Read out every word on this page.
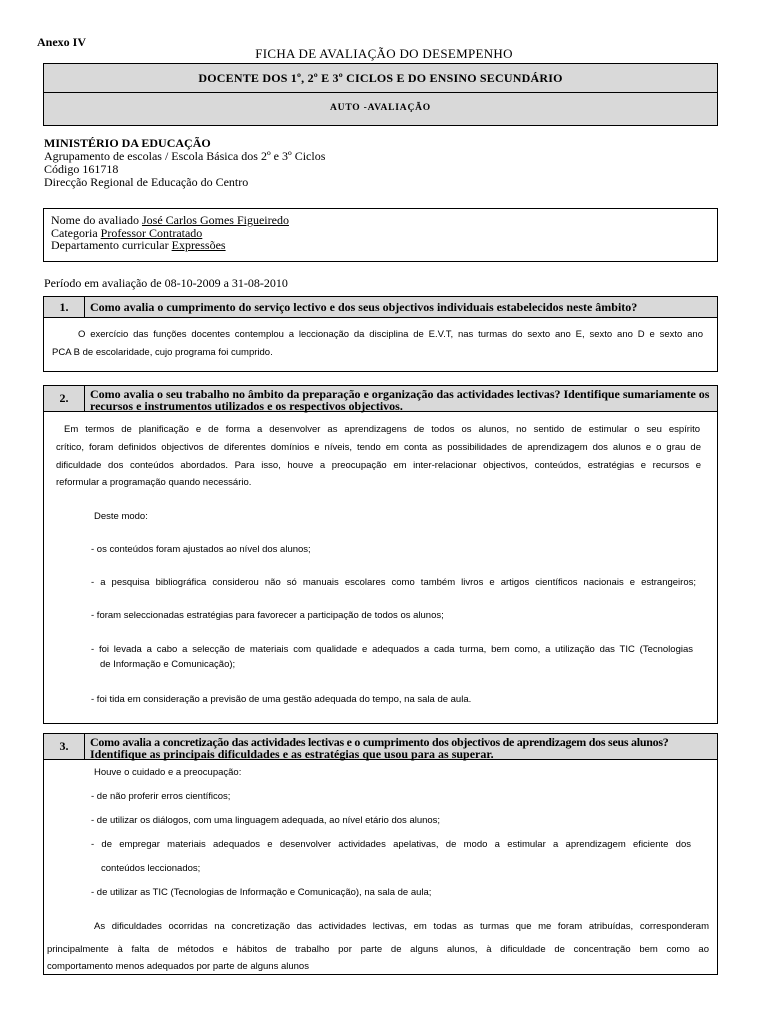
Anexo IV
FICHA DE AVALIAÇÃO DO DESEMPENHO
DOCENTE DOS 1º, 2º E 3º CICLOS E DO ENSINO SECUNDÁRIO
AUTO -AVALIAÇÃO
MINISTÉRIO DA EDUCAÇÃO
Agrupamento de escolas / Escola Básica dos 2º e 3º Ciclos
Código 161718
Direcção Regional de Educação do Centro
Nome do avaliado José Carlos Gomes Figueiredo
Categoria Professor Contratado
Departamento curricular Expressões
Período em avaliação de 08-10-2009 a 31-08-2010
1.	Como avalia o cumprimento do serviço lectivo e dos seus objectivos individuais estabelecidos neste âmbito?
O exercício das funções docentes contemplou a leccionação da disciplina de E.V.T, nas turmas do sexto ano E, sexto ano D e sexto ano
PCA B de escolaridade, cujo programa foi cumprido.
2.	Como avalia o seu trabalho no âmbito da preparação e organização das actividades lectivas? Identifique sumariamente os
recursos e instrumentos utilizados e os respectivos objectivos.
Em termos de planificação e de forma a desenvolver as aprendizagens de todos os alunos, no sentido de estimular o seu espírito
crítico, foram definidos objectivos de diferentes domínios e níveis, tendo em conta as possibilidades de aprendizagem dos alunos e o grau de
dificuldade dos conteúdos abordados. Para isso, houve a preocupação em inter-relacionar objectivos, conteúdos, estratégias e recursos e
reformular a programação quando necessário.
Deste modo:
- os conteúdos foram ajustados ao nível dos alunos;
- a pesquisa bibliográfica considerou não só manuais escolares como também livros e artigos científicos nacionais e estrangeiros;
- foram seleccionadas estratégias para favorecer a participação de todos os alunos;
- foi levada a cabo a selecção de materiais com qualidade e adequados a cada turma, bem como, a utilização das TIC (Tecnologias
de Informação e Comunicação);
- foi tida em consideração a previsão de uma gestão adequada do tempo, na sala de aula.
3.	Como avalia a concretização das actividades lectivas e o cumprimento dos objectivos de aprendizagem dos seus alunos?
Identifique as principais dificuldades e as estratégias que usou para as superar.
Houve o cuidado e a preocupação:
- de não proferir erros científicos;
- de utilizar os diálogos, com uma linguagem adequada, ao nível etário dos alunos;
- de empregar materiais adequados e desenvolver actividades apelativas, de modo a estimular a aprendizagem eficiente dos
conteúdos leccionados;
- de utilizar as TIC (Tecnologias de Informação e Comunicação), na sala de aula;
As dificuldades ocorridas na concretização das actividades lectivas, em todas as turmas que me foram atribuídas, corresponderam
principalmente à falta de métodos e hábitos de trabalho por parte de alguns alunos, à dificuldade de concentração bem como ao
comportamento menos adequados por parte de alguns alunos
